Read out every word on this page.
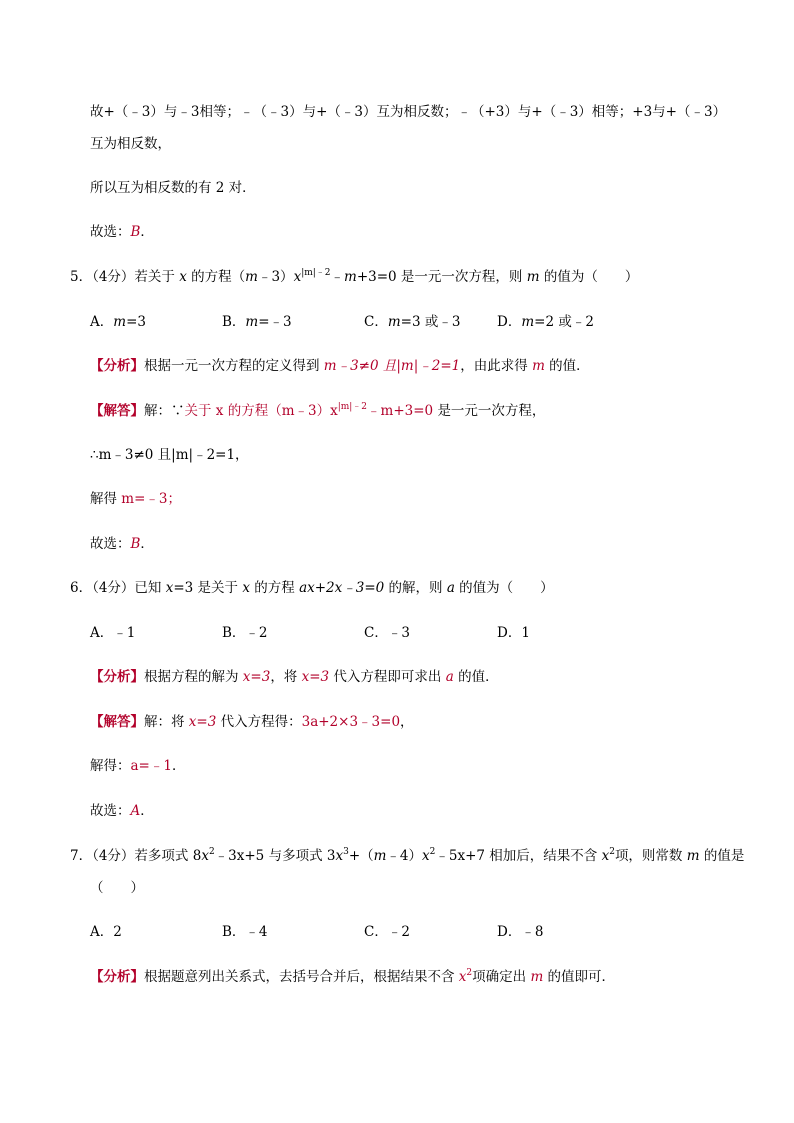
故+（﹣3）与﹣3相等；﹣（﹣3）与+（﹣3）互为相反数；﹣（+3）与+（﹣3）相等；+3与+（﹣3）
互为相反数，
所以互为相反数的有 2 对．
故选：B．
5．（4分）若关于 x 的方程$(m﹣3)x^{|m|﹣2}﹣m+3=0$ 是一元一次方程，则 m 的值为（　　）
A．m=3	B．m=﹣3	C．m=3 或﹣3	D．m=2 或﹣2
【分析】根据一元一次方程的定义得到 m﹣3≠0 且|m|﹣2=1，由此求得 m 的值．
【解答】解：∵关于 x 的方程$(m﹣3)x^{|m|﹣2}﹣m+3=0$ 是一元一次方程，
∴m﹣3≠0 且|m|﹣2=1，
解得 m=﹣3；
故选：B．
6．（4分）已知 x=3 是关于 x 的方程 ax+2x﹣3=0 的解，则 a 的值为（　　）
A．﹣1	B．﹣2	C．﹣3	D．1
【分析】根据方程的解为 x=3，将 x=3 代入方程即可求出 a 的值．
【解答】解：将 x=3 代入方程得：3a+2×3﹣3=0，
解得：a=﹣1．
故选：A．
7．（4分）若多项式 $8x^2﹣3x+5$ 与多项式 $3x^3+(m﹣4)x^2﹣5x+7$ 相加后，结果不含 $x^2$项，则常数 m 的值是
（　　）
A．2	B．﹣4	C．﹣2	D．﹣8
【分析】根据题意列出关系式，去括号合并后，根据结果不含 $x^2$项确定出 m 的值即可．
